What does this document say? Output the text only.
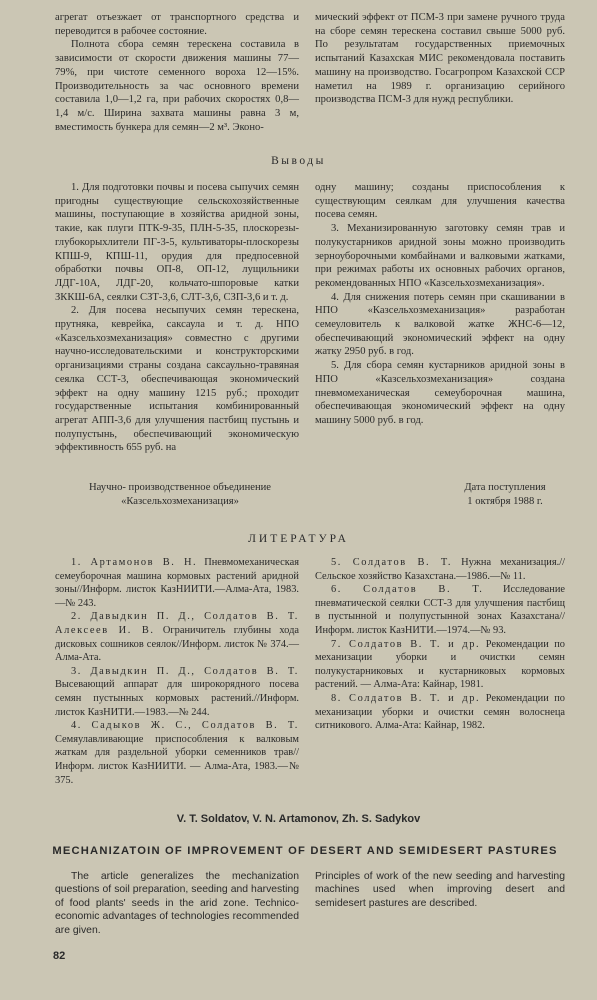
агрегат отъезжает от транспортного средства и переводится в рабочее состояние.

Полнота сбора семян терескена составила в зависимости от скорости движения машины 77—79%, при чистоте семенного вороха 12—15%. Производительность за час основного времени составила 1,0—1,2 га, при рабочих скоростях 0,8—1,4 м/с. Ширина захвата машины равна 3 м, вместимость бункера для семян—2 м³. Эконо-

мический эффект от ПСМ-3 при замене ручного труда на сборе семян терескена составил свыше 5000 руб. По результатам государственных приемочных испытаний Казахская МИС рекомендовала поставить машину на производство. Госагропром Казахской ССР наметил на 1989 г. организацию серийного производства ПСМ-3 для нужд республики.

Выводы

1. Для подготовки почвы и посева сыпучих семян пригодны существующие сельскохозяйственные машины, поступающие в хозяйства аридной зоны, такие, как плуги ПТК-9-35, ПЛН-5-35, плоскорезы-глубокорыхлители ПГ-3-5, культиваторы-плоскорезы КПШ-9, КПШ-11, орудия для предпосевной обработки почвы ОП-8, ОП-12, лущильники ЛДГ-10А, ЛДГ-20, кольчато-шпоровые катки ЗККШ-6А, сеялки СЗТ-3,6, СЛТ-3,6, СЗП-3,6 и т. д.

2. Для посева несыпучих семян терескена, прутняка, кеврейка, саксаула и т. д. НПО «Казсельхозмеханизация» совместно с другими научно-исследовательскими и конструкторскими организациями страны создана саксаульно-травяная сеялка ССТ-3, обеспечивающая экономический эффект на одну машину 1215 руб.; проходит государственные испытания комбинированный агрегат АПП-3,6 для улучшения пастбищ пустынь и полупустынь, обеспечивающий экономическую эффективность 655 руб. на

одну машину; созданы приспособления к существующим сеялкам для улучшения качества посева семян.

3. Механизированную заготовку семян трав и полукустарников аридной зоны можно производить зерноуборочными комбайнами и валковыми жатками, при режимах работы их основных рабочих органов, рекомендованных НПО «Казсельхозмеханизация».

4. Для снижения потерь семян при скашивании в НПО «Казсельхозмеханизация» разработан семеуловитель к валковой жатке ЖНС-6—12, обеспечивающий экономический эффект на одну жатку 2950 руб. в год.

5. Для сбора семян кустарников аридной зоны в НПО «Казсельхозмеханизация» создана пневмомеханическая семеуборочная машина, обеспечивающая экономический эффект на одну машину 5000 руб. в год.

Научно- производственное объединение
«Казсельхозмеханизация»
Дата поступления
1 октября 1988 г.
ЛИТЕРАТУРА

1. Артамонов В. Н. Пневмомеханическая семеуборочная машина кормовых растений аридной зоны//Информ. листок КазНИИТИ.—Алма-Ата, 1983.—№ 243.

2. Давыдкин П. Д., Солдатов В. Т. Алексеев И. В. Ограничитель глубины хода дисковых сошников сеялок//Информ. листок № 374.—Алма-Ата.

3. Давыдкин П. Д., Солдатов В. Т. Высевающий аппарат для широкорядного посева семян пустынных кормовых растений.//Информ. листок КазНИТИ.—1983.—№ 244.

4. Садыков Ж. С., Солдатов В. Т. Семяулавливающие приспособления к валковым жаткам для раздельной уборки семенников трав//Информ. листок КазНИИТИ. — Алма-Ата, 1983.—№ 375.

5. Солдатов В. Т. Нужна механизация.//Сельское хозяйство Казахстана.—1986.—№ 11.

6. Солдатов В. Т. Исследование пневматической сеялки ССТ-3 для улучшения пастбищ в пустынной и полупустынной зонах Казахстана//Информ. листок КазНИТИ.—1974.—№ 93.

7. Солдатов В. Т. и др. Рекомендации по механизации уборки и очистки семян полукустарниковых и кустарниковых кормовых растений. — Алма-Ата: Кайнар, 1981.

8. Солдатов В. Т. и др. Рекомендации по механизации уборки и очистки семян волоснеца ситникового. Алма-Ата: Кайнар, 1982.

V. T. Soldatov, V. N. Artamonov, Zh. S. Sadykov
MECHANIZATOIN OF IMPROVEMENT OF DESERT AND SEMIDESERT PASTURES

The article generalizes the mechanization questions of soil preparation, seeding and harvesting of food plants' seeds in the arid zone. Technico-economic advantages of technologies recommended are given.

Principles of work of the new seeding and harvesting machines used when improving desert and semidesert pastures are described.

82
